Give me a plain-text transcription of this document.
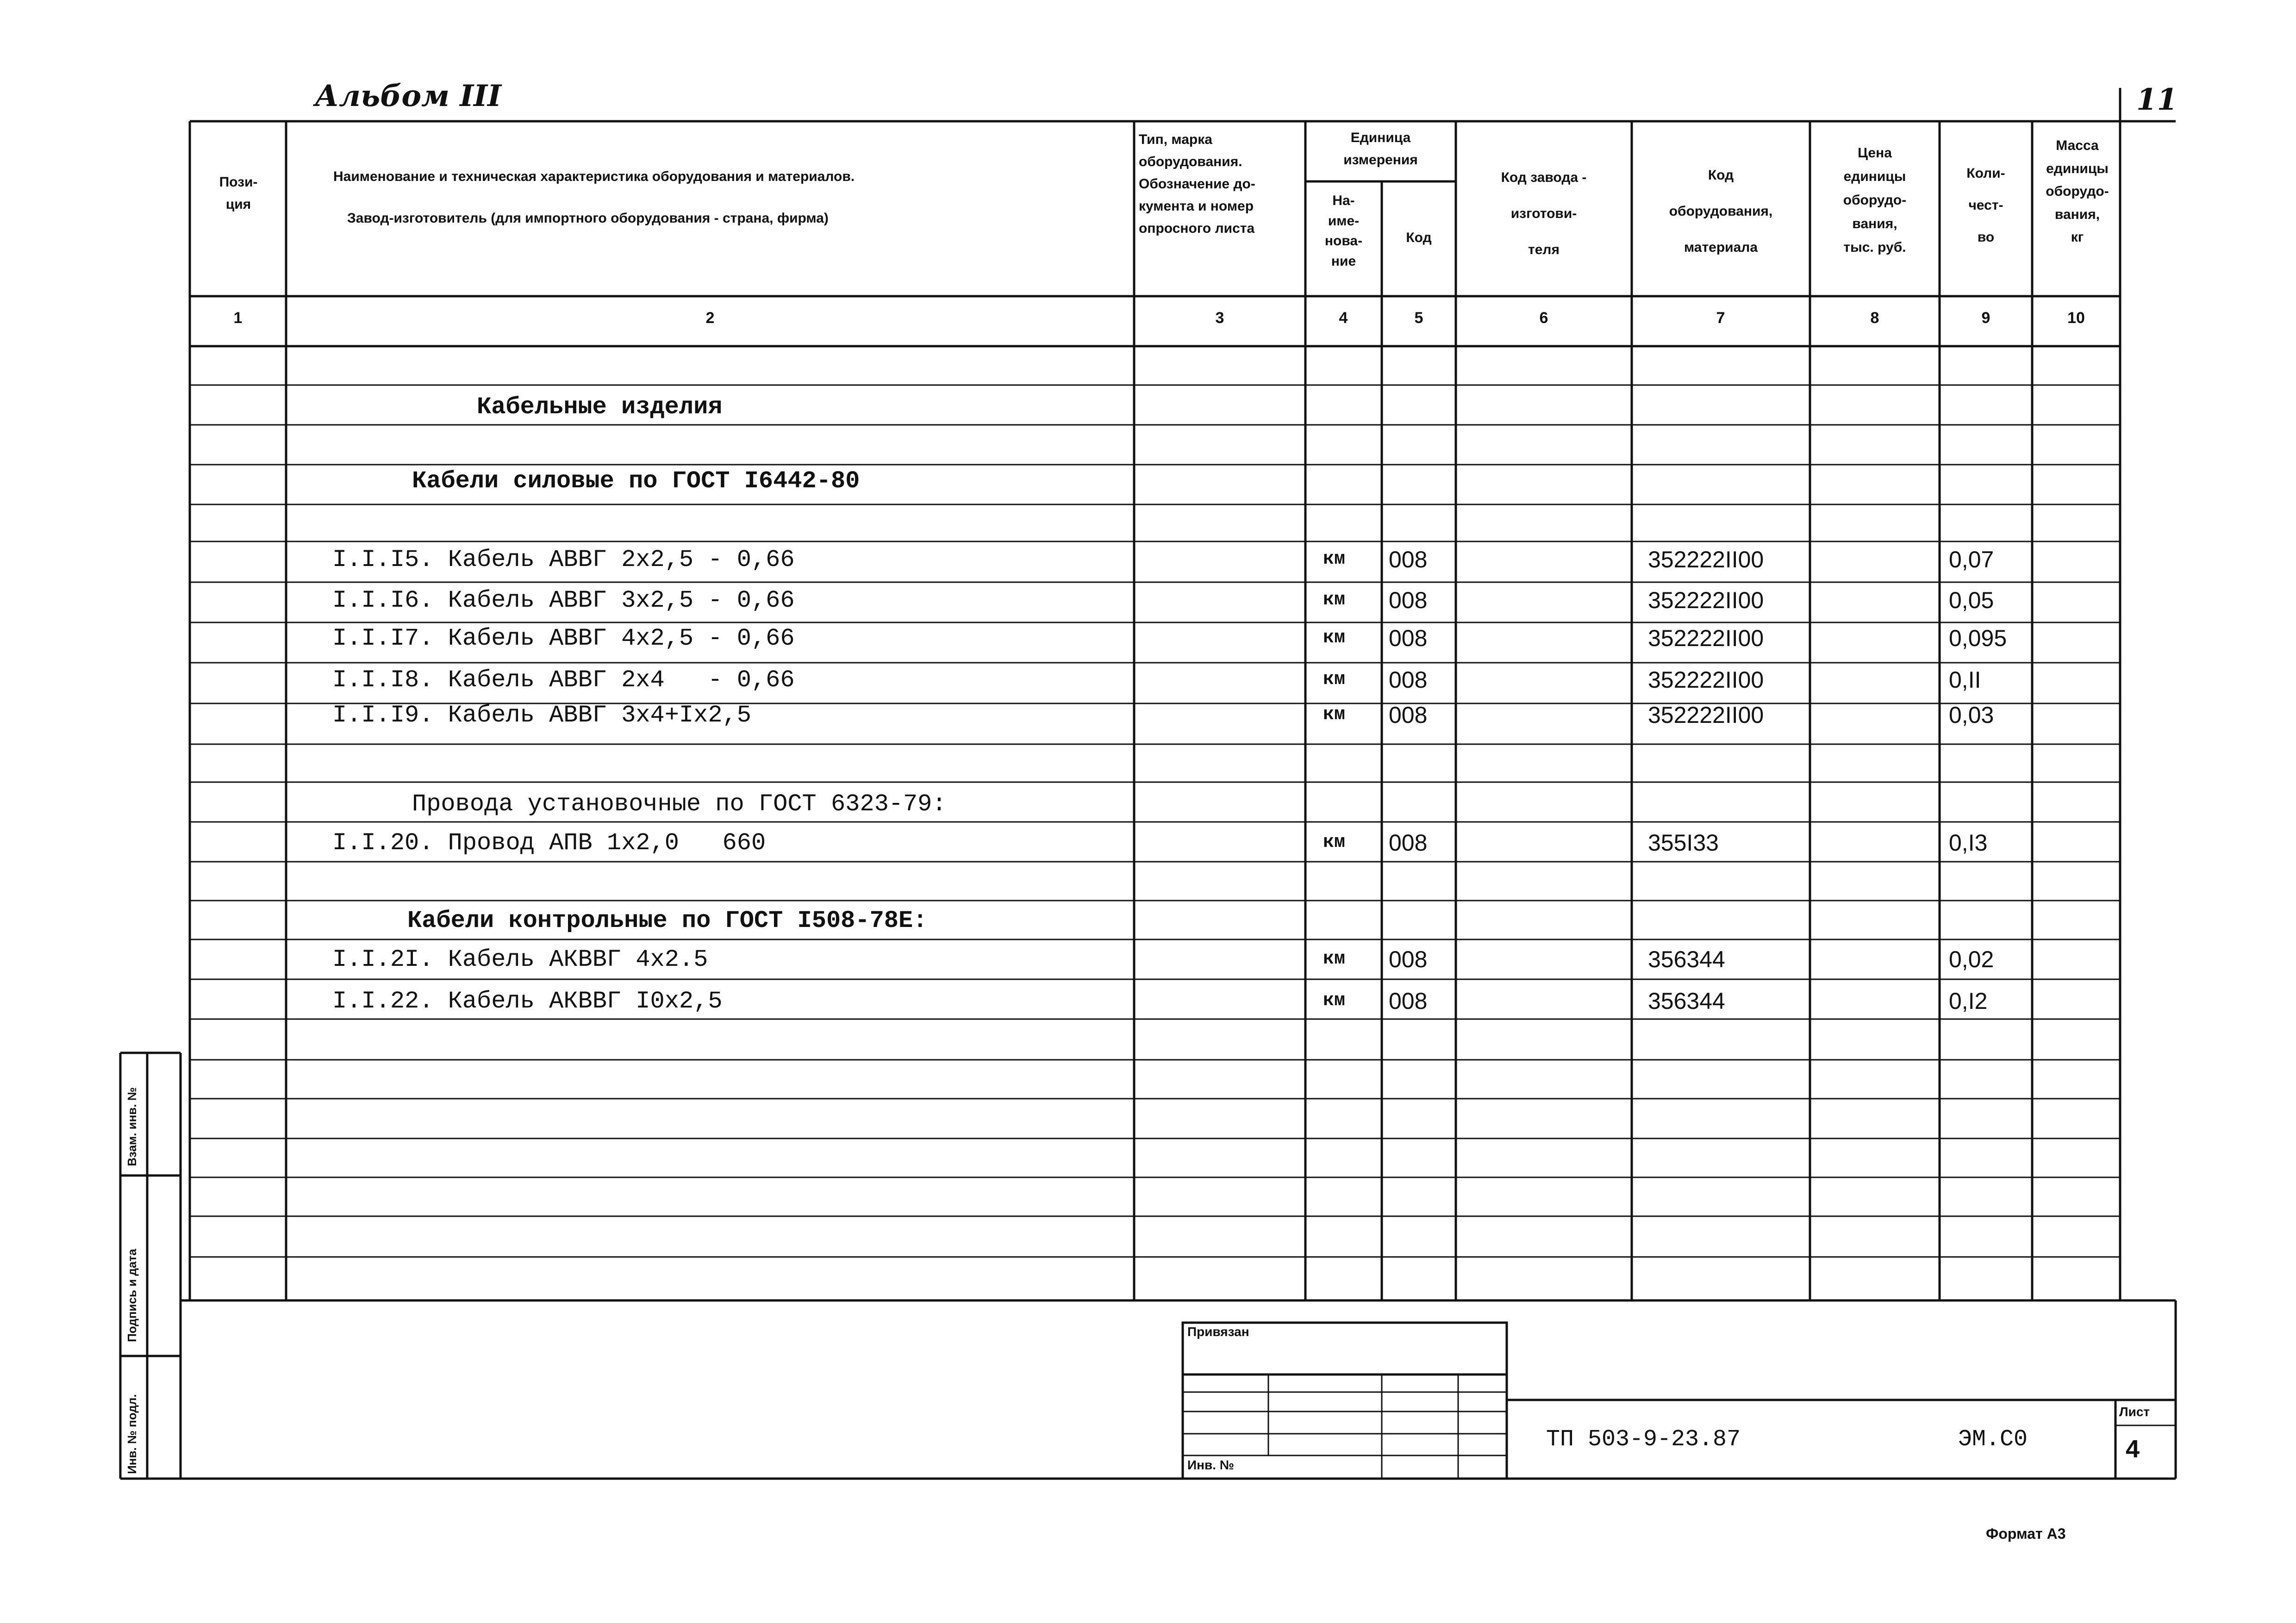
Альбом III	11
Пози-
ция
Наименование и техническая характеристика оборудования и материалов.
Завод-изготовитель (для импортного оборудования - страна, фирма)
Тип, марка
оборудования.
Обозначение до-
кумента и номер
опросного листа
Единица
измерения
На-
име-
нова-
ние
Код
Код завода -
изготови-
теля
Код
оборудования,
материала
Цена
единицы
оборудо-
вания,
тыс. руб.
Коли-
чест-
во
Масса
единицы
оборудо-
вания,
кг
1	2	3	4	5	6	7	8	9	10
Кабельные изделия
Кабели силовые по ГОСТ I6442-80
Провода установочные по ГОСТ 6323-79:
Кабели контрольные по ГОСТ I508-78Е:
I.I.I5. Кабель АВВГ 2х2,5 - 0,66	км 008	352222II00	0,07
I.I.I6. Кабель АВВГ 3х2,5 - 0,66	км 008	352222II00	0,05
I.I.I7. Кабель АВВГ 4х2,5 - 0,66	км 008	352222II00	0,095
I.I.I8. Кабель АВВГ 2х4   - 0,66	км 008	352222II00	0,II
I.I.I9. Кабель АВВГ 3х4+Iх2,5	км 008	352222II00	0,03
I.I.20. Провод АПВ 1х2,0   660	км 008	355I33	0,I3
I.I.2I. Кабель АКВВГ 4х2.5	км 008	356344	0,02
I.I.22. Кабель АКВВГ I0х2,5	км 008	356344	0,I2
Взам. инв. №
Подпись и дата
Инв. № подл.
Привязан
Инв. №
ТП 503-9-23.87	ЭМ.С0
Лист
4
Формат А3
